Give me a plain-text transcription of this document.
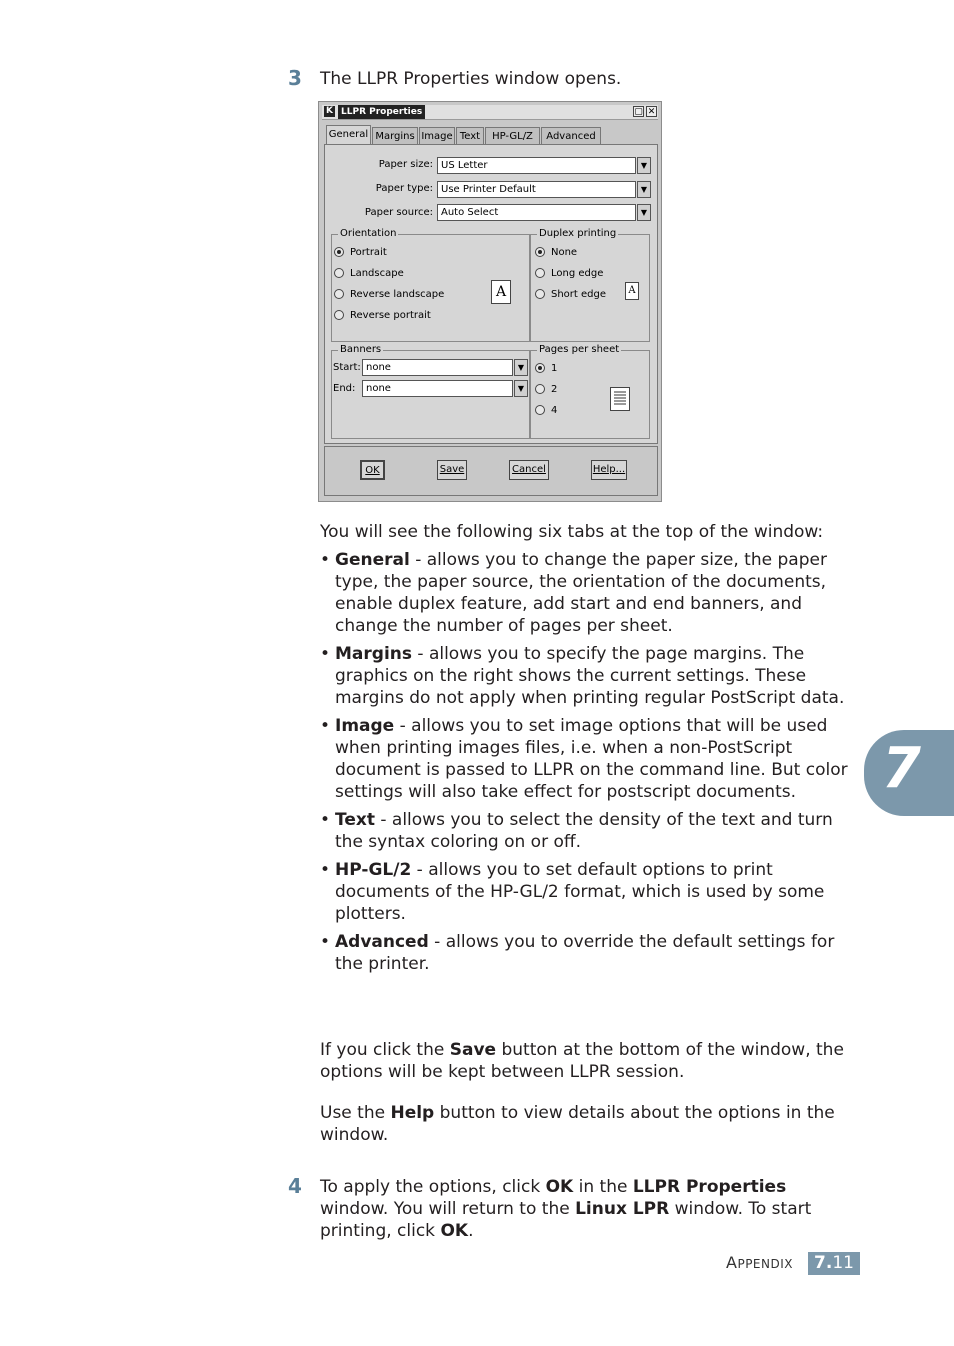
3 The LLPR Properties window opens.
K LLPR Properties	▢ ✕
General Margins Image Text	HP-GL/Z	Advanced
Paper size: US Letter	▼
Paper type: Use Printer Default	▼
Paper source: Auto Select	▼
Orientation
Portrait
Landscape
Reverse landscape
Reverse portrait
A
Duplex printing
None
Long edge
Short edge	A
Banners
Start: none	▼
End:	none	▼
Pages per sheet
1
2
4
OK	Save	Cancel	Help...
You will see the following six tabs at the top of the window:
• General - allows you to change the paper size, the paper type, the paper source, the orientation of the documents, enable duplex feature, add start and end banners, and change the number of pages per sheet.
• Margins - allows you to specify the page margins. The graphics on the right shows the current settings. These margins do not apply when printing regular PostScript data.
• Image - allows you to set image options that will be used when printing images files, i.e. when a non-PostScript document is passed to LLPR on the command line. But color settings will also take effect for postscript documents.
• Text - allows you to select the density of the text and turn the syntax coloring on or off.
• HP-GL/2 - allows you to set default options to print documents of the HP-GL/2 format, which is used by some plotters.
• Advanced - allows you to override the default settings for the printer.
If you click the Save button at the bottom of the window, the options will be kept between LLPR session.
Use the Help button to view details about the options in the window.
4 To apply the options, click OK in the LLPR Properties window. You will return to the Linux LPR window. To start printing, click OK.
7
APPENDIX	7.11
